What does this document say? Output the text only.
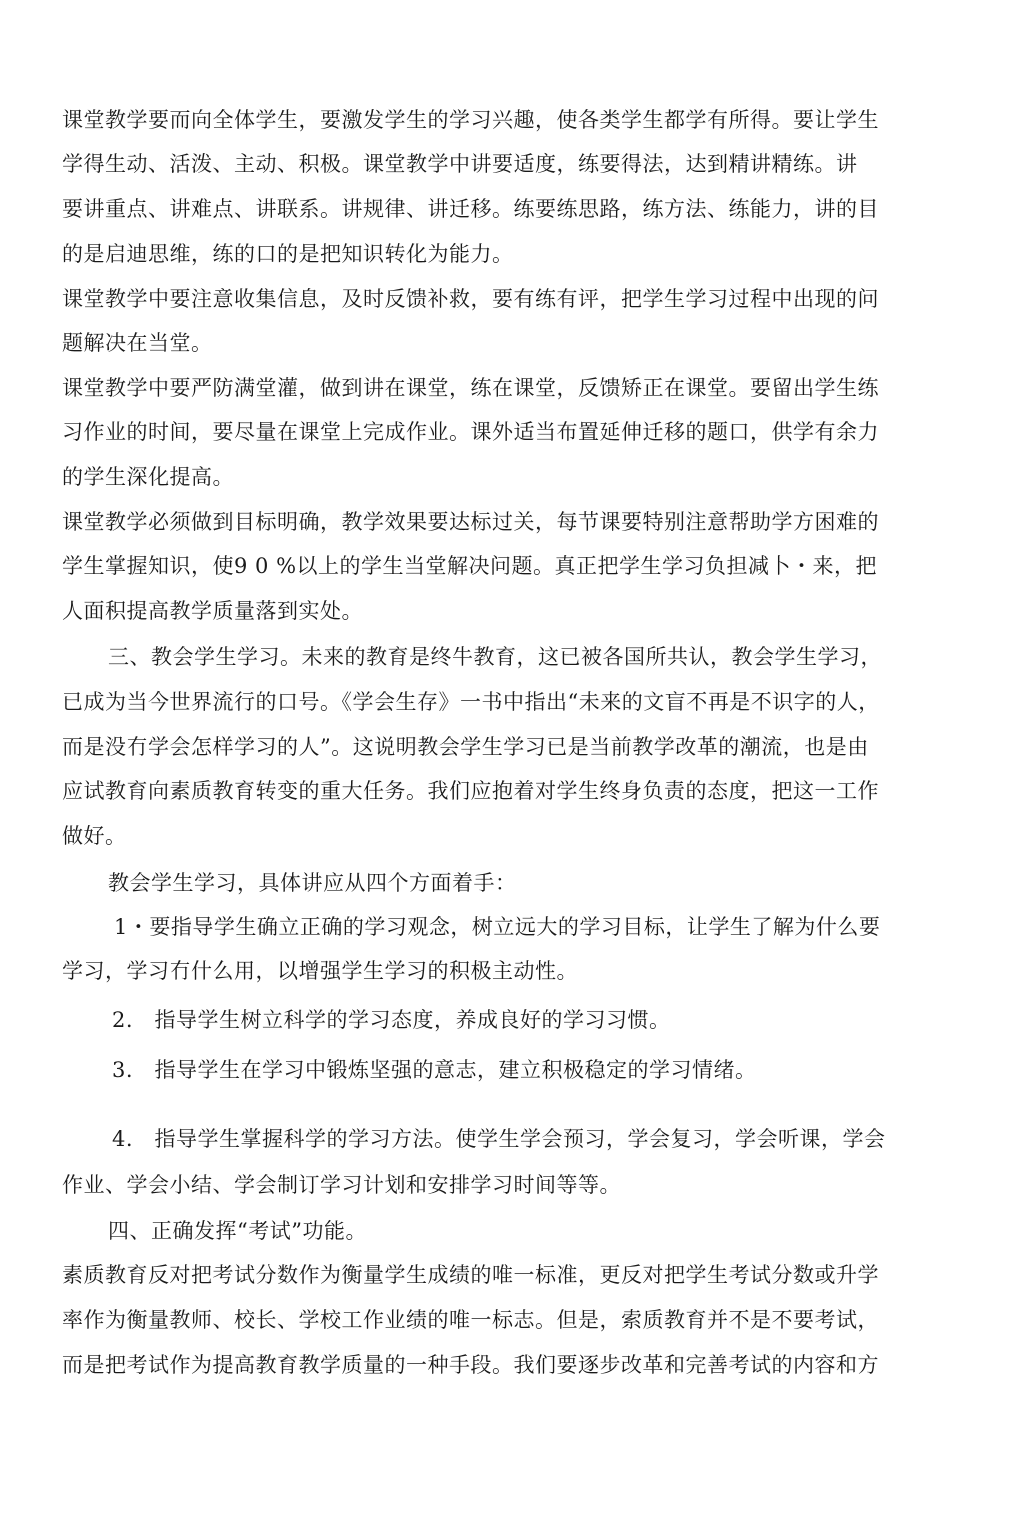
课堂教学要而向全体学生，要激发学生的学习兴趣，使各类学生都学有所得。要让学生
学得生动、活泼、主动、积极。课堂教学中讲要适度，练要得法，达到精讲精练。讲
要讲重点、讲难点、讲联系。讲规律、讲迁移。练要练思路，练方法、练能力，讲的目
的是启迪思维，练的口的是把知识转化为能力。
课堂教学中要注意收集信息，及时反馈补救，要有练有评，把学生学习过程中出现的问
题解决在当堂。
课堂教学中要严防满堂灌，做到讲在课堂，练在课堂，反馈矫正在课堂。要留出学生练
习作业的时间，要尽量在课堂上完成作业。课外适当布置延伸迁移的题口，供学有余力
的学生深化提高。
课堂教学必须做到目标明确，教学效果要达标过关，每节课要特别注意帮助学方困难的
学生掌握知识，使9 0 %以上的学生当堂解决问题。真正把学生学习负担减卜・来，把
人面积提高教学质量落到实处。
三、教会学生学习。未来的教育是终牛教育，这已被各国所共认，教会学生学习，
已成为当今世界流行的口号。《学会生存》一书中指出“未来的文盲不再是不识字的人，
而是没冇学会怎样学习的人”。这说明教会学生学习已是当前教学改革的潮流，也是由
应试教育向素质教育转变的重大任务。我们应抱着对学生终身负责的态度，把这一工作
做好。
教会学生学习，具体讲应从四个方面着手：
1・要指导学生确立正确的学习观念，树立远大的学习目标，让学生了解为什么要
学习，学习冇什么用，以增强学生学习的积极主动性。
2.　指导学生树立科学的学习态度，养成良好的学习习惯。
3.　指导学生在学习中锻炼坚强的意志，建立积极稳定的学习情绪。
4.　指导学生掌握科学的学习方法。使学生学会预习，学会复习，学会听课，学会
作业、学会小结、学会制订学习计划和安排学习时间等等。
四、正确发挥“考试”功能。
素质教育反对把考试分数作为衡量学生成绩的唯一标准，更反对把学生考试分数或升学
率作为衡量教师、校长、学校工作业绩的唯一标志。但是，索质教育并不是不要考试，
而是把考试作为提高教育教学质量的一种手段。我们要逐步改革和完善考试的内容和方
